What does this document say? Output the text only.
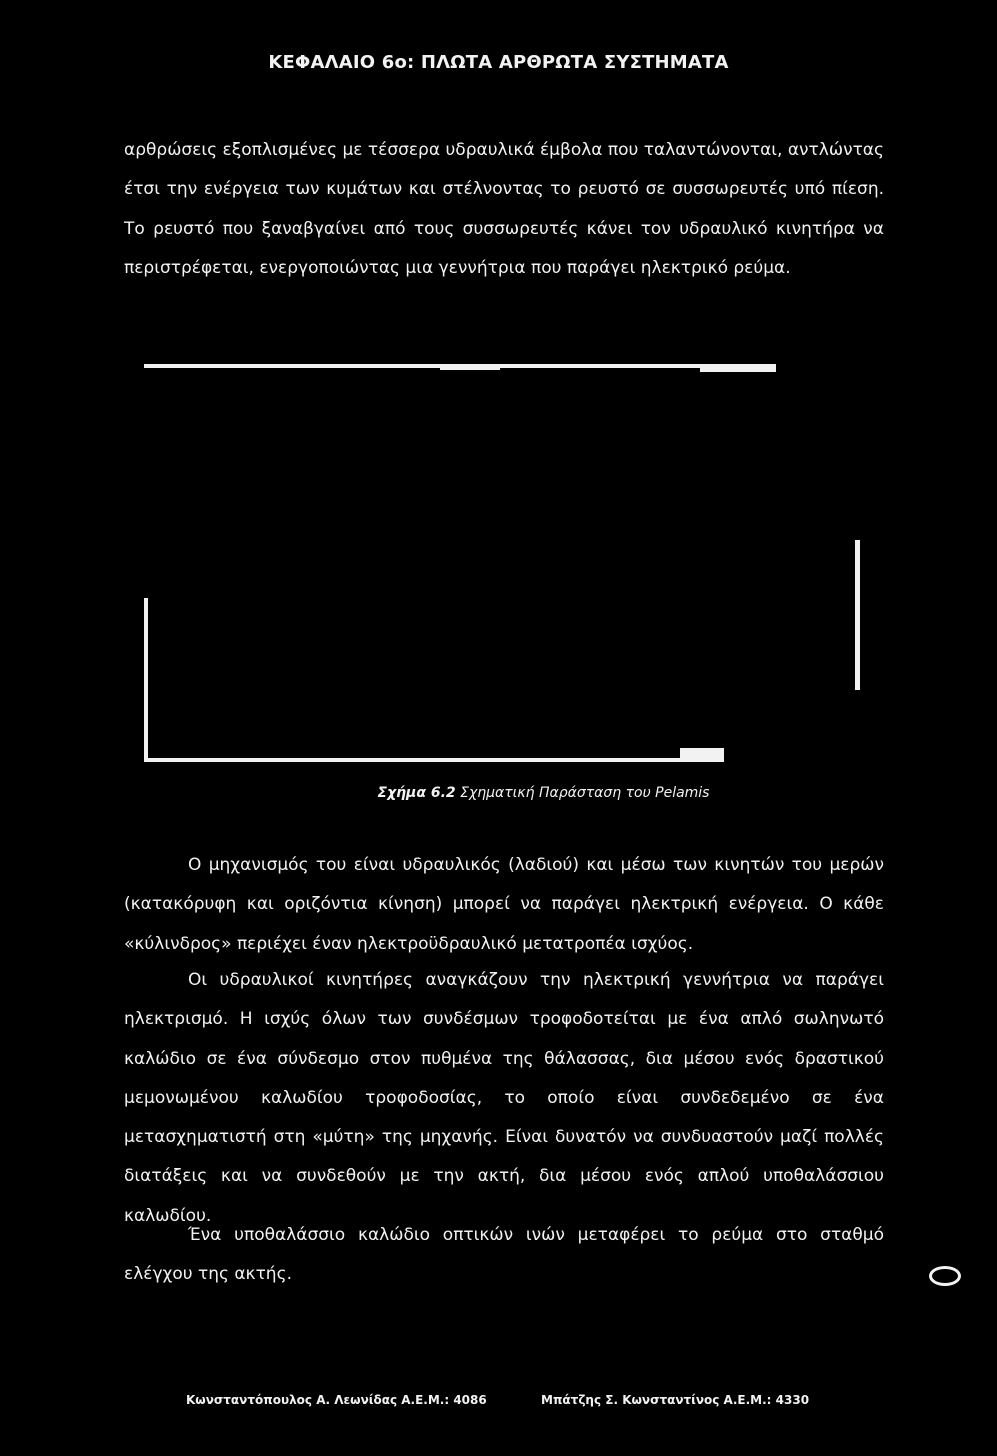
ΚΕΦΑΛΑΙΟ 6ο: ΠΛΩΤΑ ΑΡΘΡΩΤΑ ΣΥΣΤΗΜΑΤΑ

αρθρώσεις εξοπλισμένες με τέσσερα υδραυλικά έμβολα που ταλαντώνονται, αντλώντας έτσι την ενέργεια των κυμάτων και στέλνοντας το ρευστό σε συσσωρευτές υπό πίεση. Το ρευστό που ξαναβγαίνει από τους συσσωρευτές κάνει τον υδραυλικό κινητήρα να περιστρέφεται, ενεργοποιώντας μια γεννήτρια που παράγει ηλεκτρικό ρεύμα.

Σχήμα 6.2 Σχηματική Παράσταση του Pelamis

Ο μηχανισμός του είναι υδραυλικός (λαδιού) και μέσω των κινητών του μερών (κατακόρυφη και οριζόντια κίνηση) μπορεί να παράγει ηλεκτρική ενέργεια. Ο κάθε «κύλινδρος» περιέχει έναν ηλεκτροϋδραυλικό μετατροπέα ισχύος.

Οι υδραυλικοί κινητήρες αναγκάζουν την ηλεκτρική γεννήτρια να παράγει ηλεκτρισμό. Η ισχύς όλων των συνδέσμων τροφοδοτείται με ένα απλό σωληνωτό καλώδιο σε ένα σύνδεσμο στον πυθμένα της θάλασσας, δια μέσου ενός δραστικού μεμονωμένου καλωδίου τροφοδοσίας, το οποίο είναι συνδεδεμένο σε ένα μετασχηματιστή στη «μύτη» της μηχανής. Είναι δυνατόν να συνδυαστούν μαζί πολλές διατάξεις και να συνδεθούν με την ακτή, δια μέσου ενός απλού υποθαλάσσιου καλωδίου.

Ένα υποθαλάσσιο καλώδιο οπτικών ινών μεταφέρει το ρεύμα στο σταθμό ελέγχου της ακτής.

Κωνσταντόπουλος Α. Λεωνίδας Α.Ε.Μ.: 4086	Μπάτζης Σ. Κωνσταντίνος Α.Ε.Μ.: 4330
